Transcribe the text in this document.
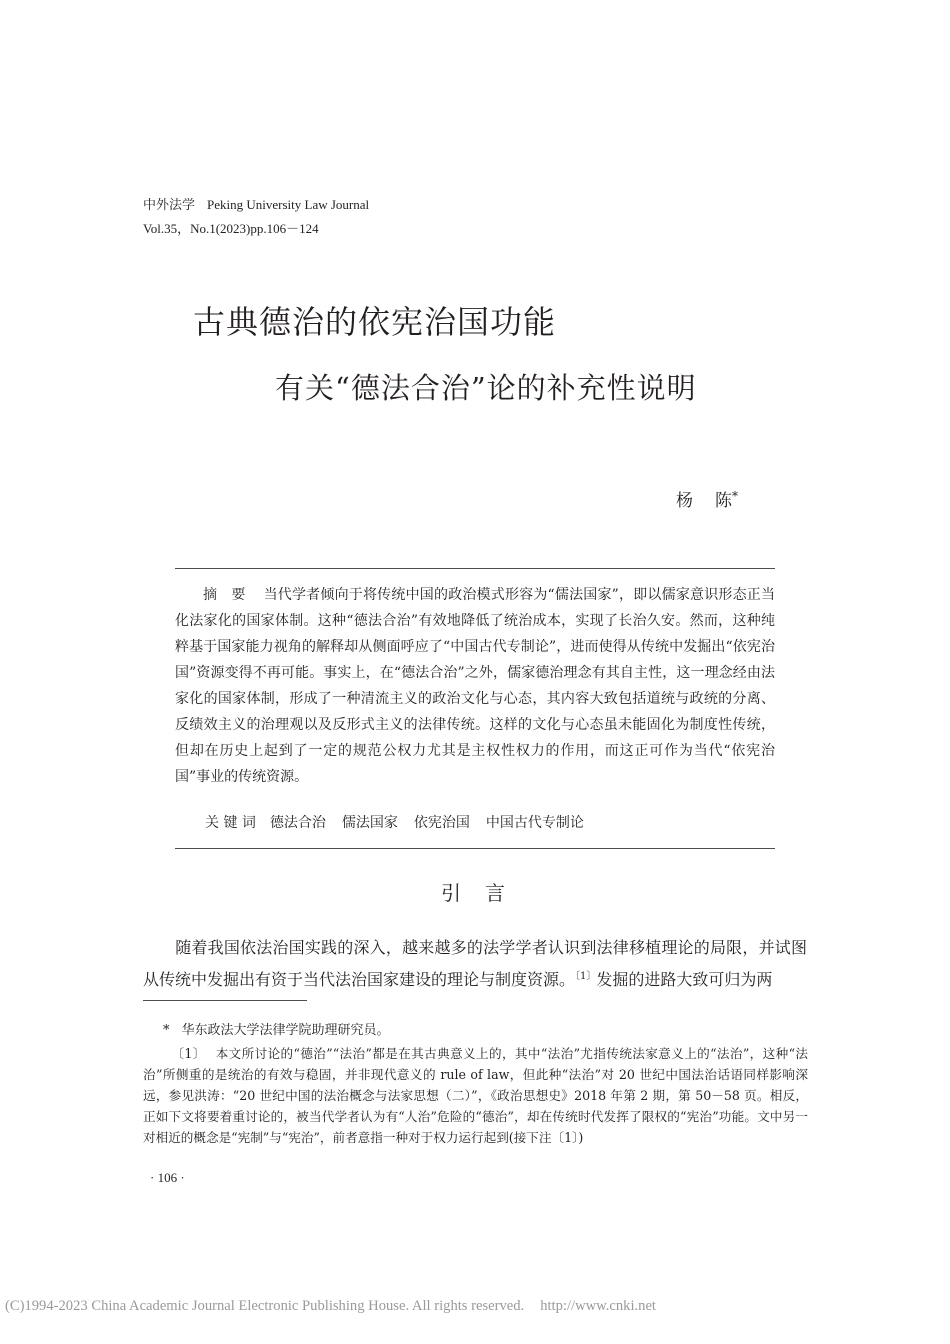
中外法学 Peking University Law Journal
Vol.35，No.1(2023)pp.106－124
古典德治的依宪治国功能
有关“德法合治”论的补充性说明
杨 陈*
摘　要 当代学者倾向于将传统中国的政治模式形容为“儒法国家”，即以儒家意识形态正当化法家化的国家体制。这种“德法合治”有效地降低了统治成本，实现了长治久安。然而，这种纯粹基于国家能力视角的解释却从侧面呼应了“中国古代专制论”，进而使得从传统中发掘出“依宪治国”资源变得不再可能。事实上，在“德法合治”之外，儒家德治理念有其自主性，这一理念经由法家化的国家体制，形成了一种清流主义的政治文化与心态，其内容大致包括道统与政统的分离、反绩效主义的治理观以及反形式主义的法律传统。这样的文化与心态虽未能固化为制度性传统，但却在历史上起到了一定的规范公权力尤其是主权性权力的作用，而这正可作为当代“依宪治国”事业的传统资源。
关 键 词 德法合治 儒法国家 依宪治国 中国古代专制论
引言
随着我国依法治国实践的深入，越来越多的法学学者认识到法律移植理论的局限，并试图从传统中发掘出有资于当代法治国家建设的理论与制度资源。$^{〔1〕}$发掘的进路大致可归为两
* 华东政法大学法律学院助理研究员。
〔1〕 本文所讨论的“德治”“法治”都是在其古典意义上的，其中“法治”尤指传统法家意义上的“法治”，这种“法治”所侧重的是统治的有效与稳固，并非现代意义的 rule of law，但此种“法治”对 20 世纪中国法治话语同样影响深远，参见洪涛：“20 世纪中国的法治概念与法家思想（二）”，《政治思想史》2018 年第 2 期，第 50－58 页。相反，正如下文将要着重讨论的，被当代学者认为有“人治”危险的“德治”，却在传统时代发挥了限权的“宪治”功能。文中另一对相近的概念是“宪制”与“宪治”，前者意指一种对于权力运行起到(接下注〔1〕)
· 106 ·
(C)1994-2023 China Academic Journal Electronic Publishing House. All rights reserved. http://www.cnki.net
